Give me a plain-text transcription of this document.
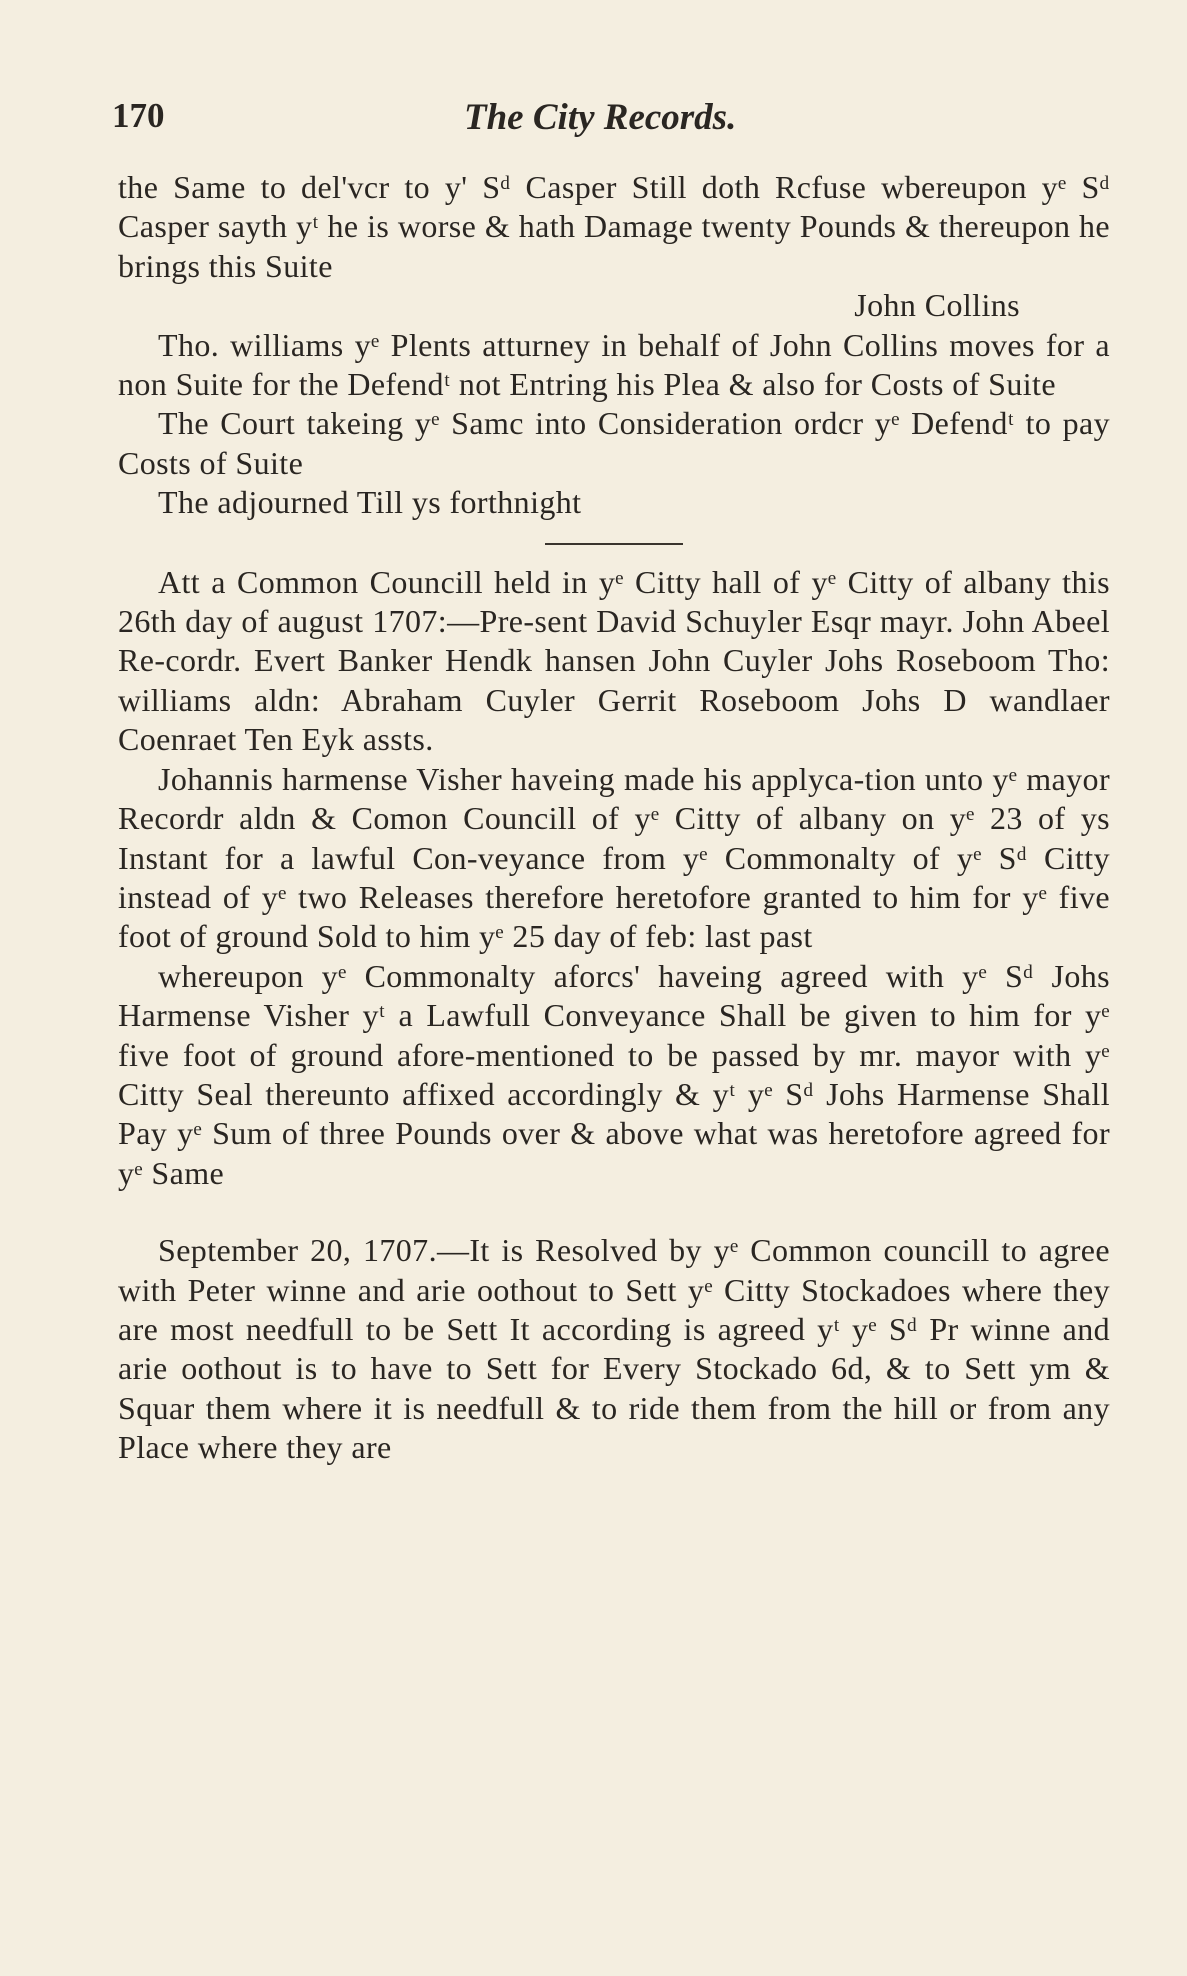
170	The City Records.

the Same to del'vcr to y' Sᵈ Casper Still doth Rcfuse wbereupon yᵉ Sᵈ Casper sayth yᵗ he is worse & hath Damage twenty Pounds & thereupon he brings this Suite

John Collins

Tho. williams yᵉ Plents atturney in behalf of John Collins moves for a non Suite for the Defendᵗ not Entring his Plea & also for Costs of Suite

The Court takeing yᵉ Samc into Consideration ordcr yᵉ Defendᵗ to pay Costs of Suite

The adjourned Till ys forthnight

Att a Common Councill held in yᵉ Citty hall of yᵉ Citty of albany this 26th day of august 1707:—Pre-sent David Schuyler Esqr mayr. John Abeel Re-cordr. Evert Banker Hendk hansen John Cuyler Johs Roseboom Tho: williams aldn: Abraham Cuyler Gerrit Roseboom Johs D wandlaer Coenraet Ten Eyk assts.

Johannis harmense Visher haveing made his applyca-tion unto yᵉ mayor Recordr aldn & Comon Councill of yᵉ Citty of albany on yᵉ 23 of ys Instant for a lawful Con-veyance from yᵉ Commonalty of yᵉ Sᵈ Citty instead of yᵉ two Releases therefore heretofore granted to him for yᵉ five foot of ground Sold to him yᵉ 25 day of feb: last past

whereupon yᵉ Commonalty aforcs' haveing agreed with yᵉ Sᵈ Johs Harmense Visher yᵗ a Lawfull Conveyance Shall be given to him for yᵉ five foot of ground afore-mentioned to be passed by mr. mayor with yᵉ Citty Seal thereunto affixed accordingly & yᵗ yᵉ Sᵈ Johs Harmense Shall Pay yᵉ Sum of three Pounds over & above what was heretofore agreed for yᵉ Same

September 20, 1707.—It is Resolved by yᵉ Common councill to agree with Peter winne and arie oothout to Sett yᵉ Citty Stockadoes where they are most needfull to be Sett It according is agreed yᵗ yᵉ Sᵈ Pr winne and arie oothout is to have to Sett for Every Stockado 6d, & to Sett ym & Squar them where it is needfull & to ride them from the hill or from any Place where they are
